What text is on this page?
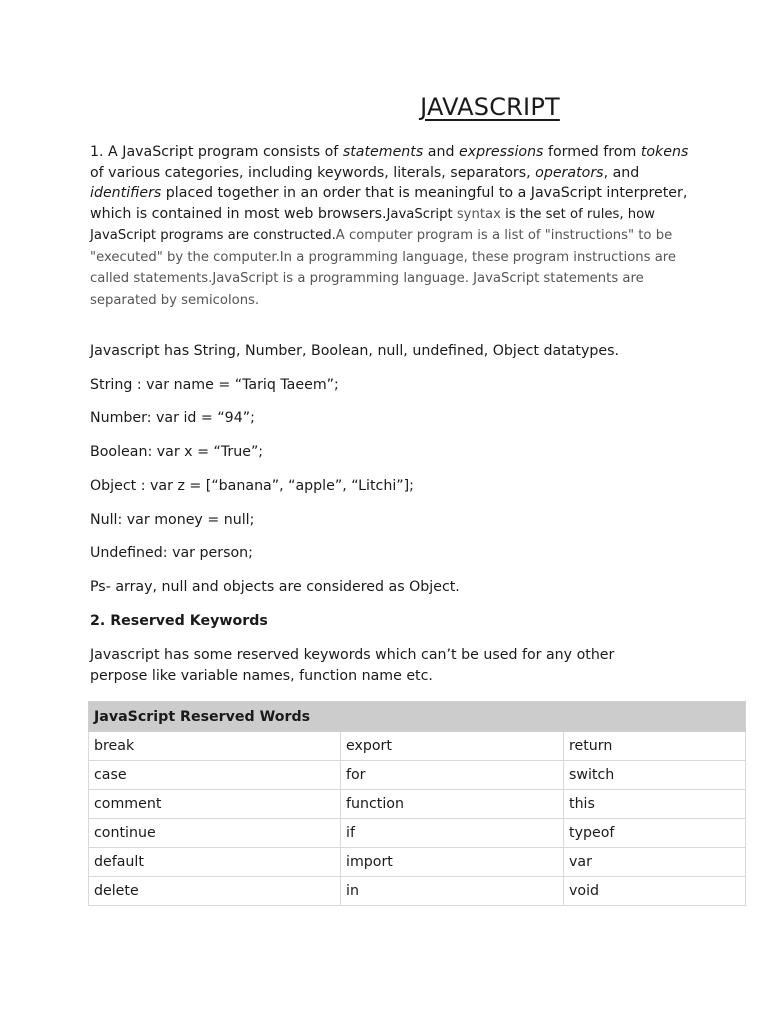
JAVASCRIPT
1. A JavaScript program consists of statements and expressions formed from tokens of various categories, including keywords, literals, separators, operators, and identifiers placed together in an order that is meaningful to a JavaScript interpreter, which is contained in most web browsers.JavaScript syntax is the set of rules, how JavaScript programs are constructed.A computer program is a list of "instructions" to be "executed" by the computer.In a programming language, these program instructions are called statements.JavaScript is a programming language. JavaScript statements are separated by semicolons.

Javascript has String, Number, Boolean, null, undefined, Object datatypes.

String : var name = “Tariq Taeem”;

Number: var id = “94”;

Boolean: var x = “True”;

Object : var z = [“banana”, “apple”, “Litchi”];

Null: var money = null;

Undefined: var person;

Ps- array, null and objects are considered as Object.

2. Reserved Keywords

Javascript has some reserved keywords which can’t be used for any other perpose like variable names, function name etc.

JavaScript Reserved Words		
break	export	return
case	for	switch
comment	function	this
continue	if	typeof
default	import	var
delete	in	void
